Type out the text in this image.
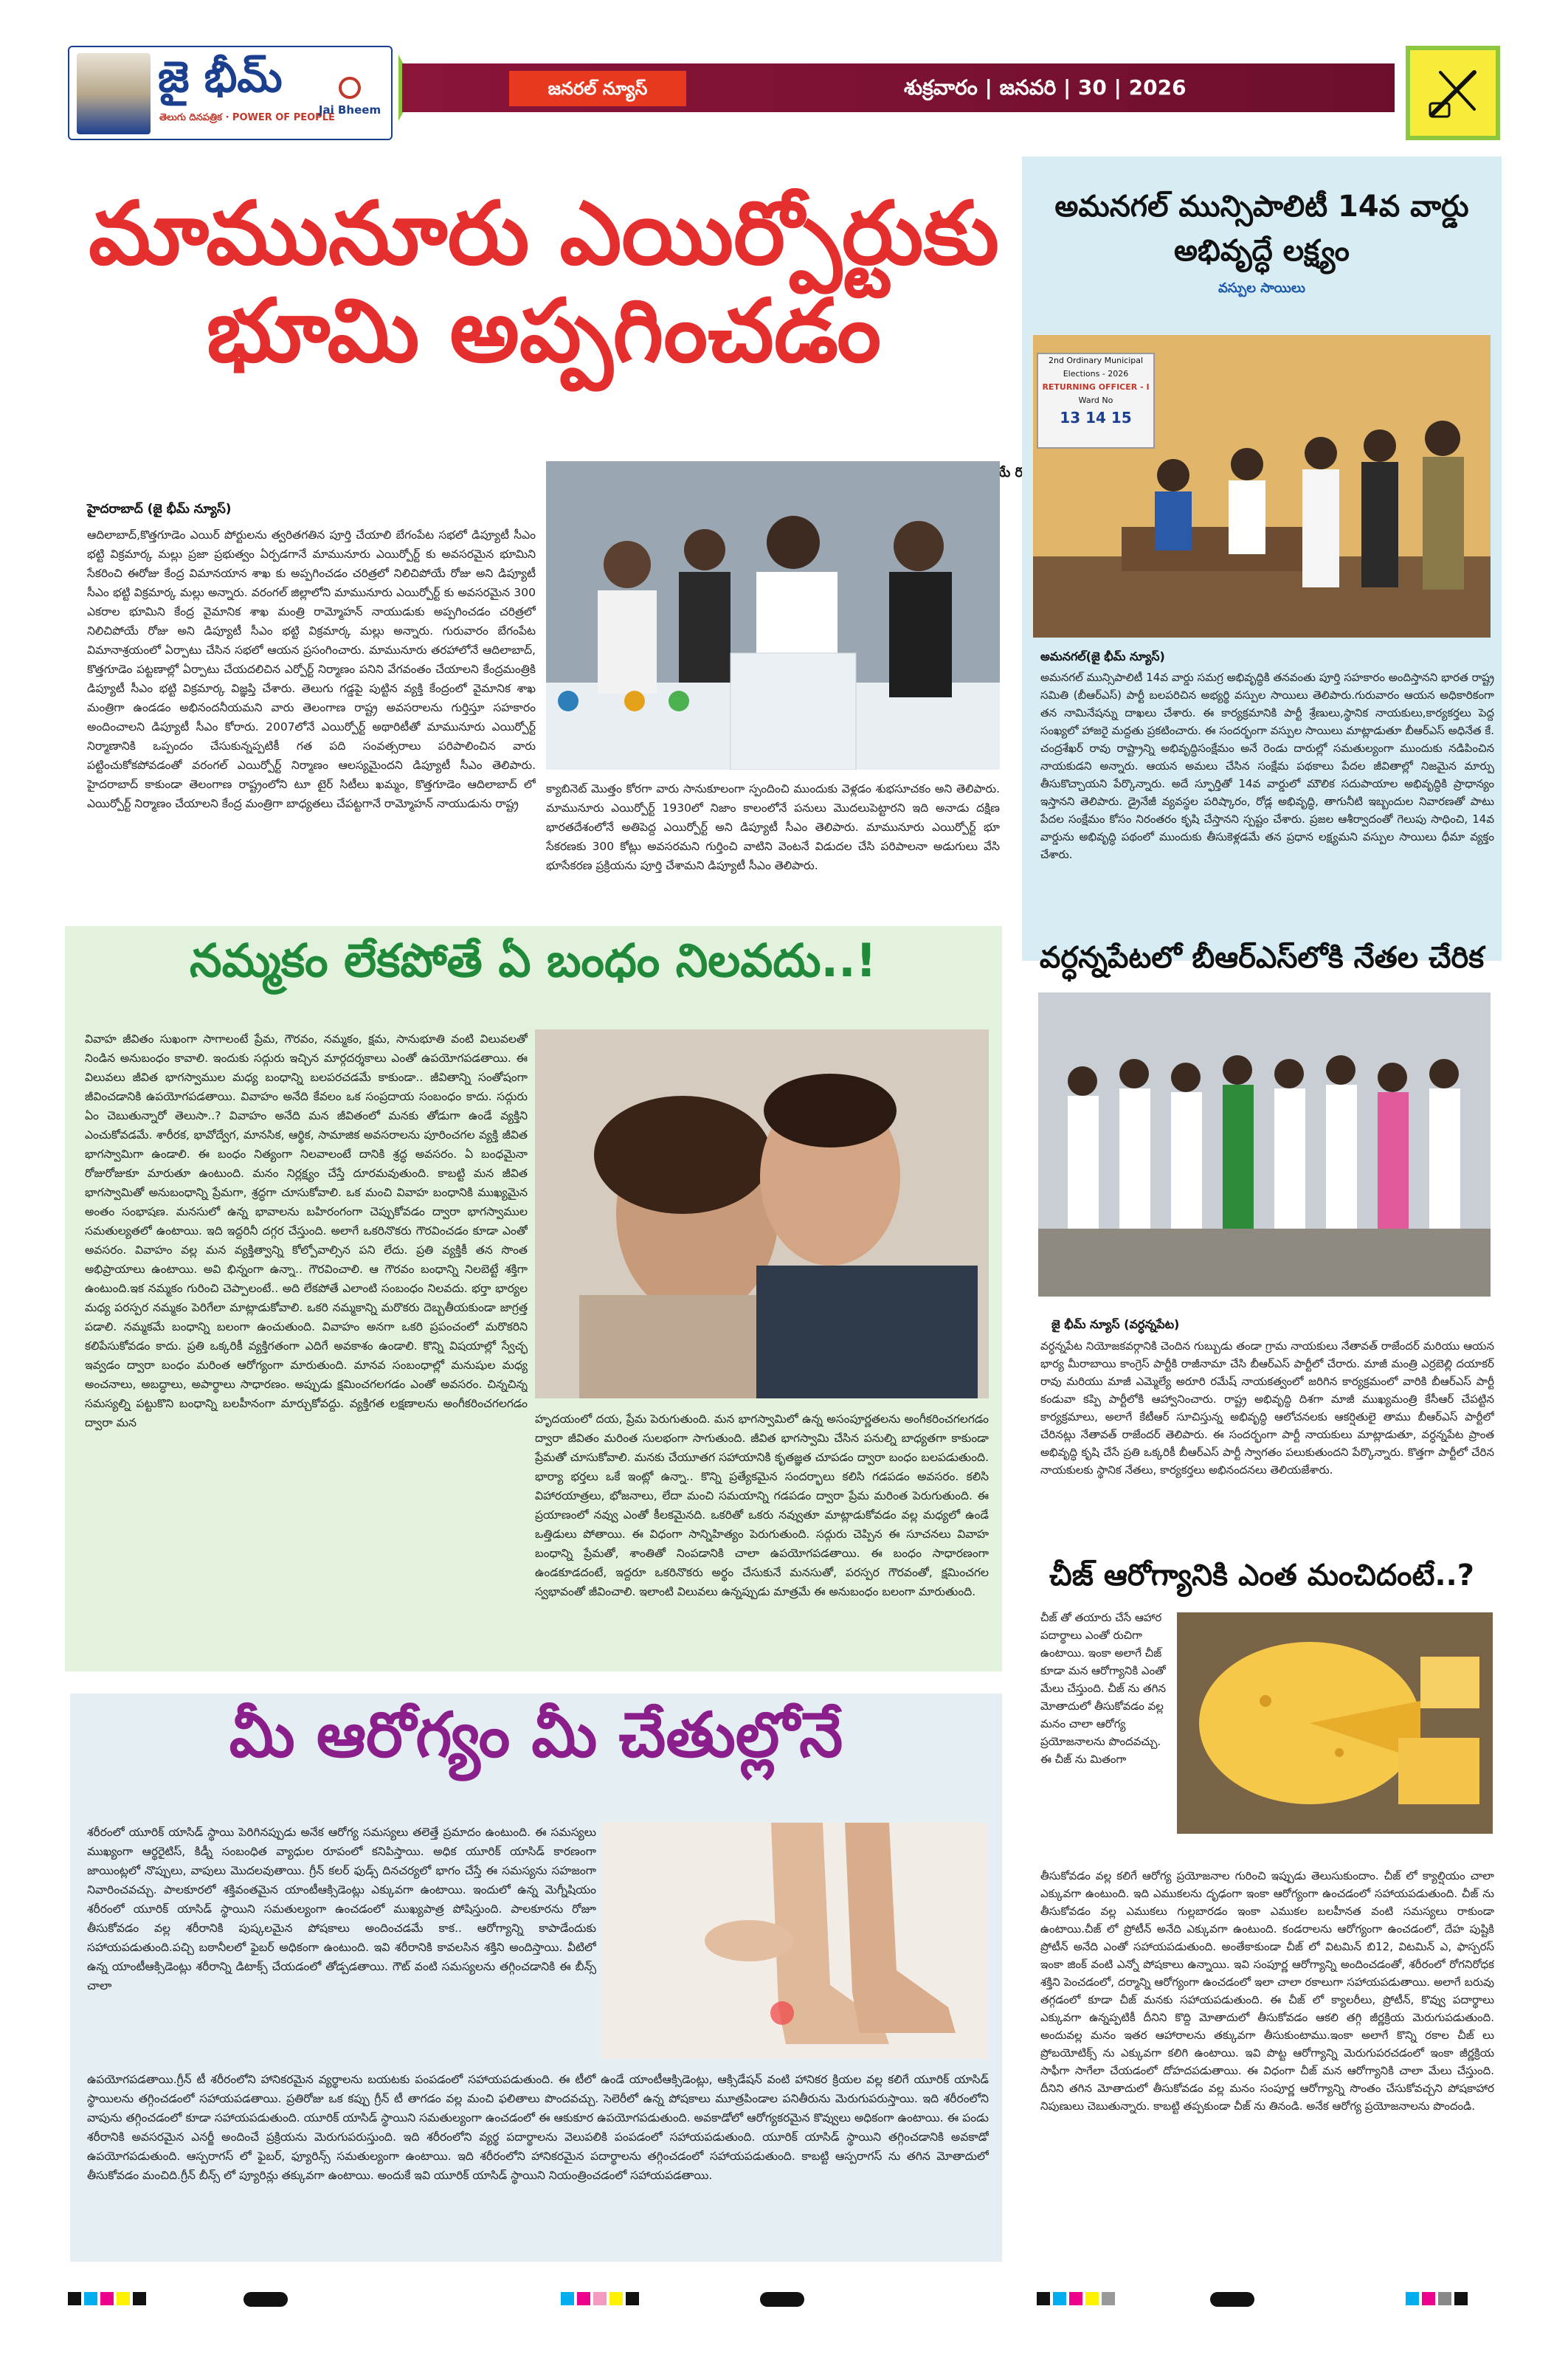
జై భీమ్
తెలుగు దినపత్రిక · POWER OF PEOPLE
Jai Bheem
జనరల్ న్యూస్	శుక్రవారం | జనవరి | 30 | 2026
మామునూరు ఎయిర్పోర్టుకు భూమి అప్పగించడం
హైదరాబాద్ (జై భీమ్ న్యూస్)
ఆదిలాబాద్,కొత్తగూడెం ఎయిర్ పోర్టులను త్వరితగతిన పూర్తి చేయాలి బేగంపేట సభలో డిప్యూటీ సీఎం భట్టి విక్రమార్క మల్లు ప్రజా ప్రభుత్వం ఏర్పడగానే మామునూరు ఎయిర్పోర్ట్ కు అవసరమైన భూమిని సేకరించి ఈరోజు కేంద్ర విమానయాన శాఖ కు అప్పగించడం చరిత్రలో నిలిచిపోయే రోజు అని డిప్యూటీ సీఎం భట్టి విక్రమార్క మల్లు అన్నారు. వరంగల్ జిల్లాలోని మామునూరు ఎయిర్పోర్ట్ కు అవసరమైన 300 ఎకరాల భూమిని కేంద్ర వైమానిక శాఖ మంత్రి రామ్మోహన్ నాయుడుకు అప్పగించడం చరిత్రలో నిలిచిపోయే రోజు అని డిప్యూటీ సీఎం భట్టి విక్రమార్క మల్లు అన్నారు. గురువారం బేగంపేట విమానాశ్రయంలో ఏర్పాటు చేసిన సభలో ఆయన ప్రసంగించారు. మామునూరు తరహాలోనే ఆదిలాబాద్, కొత్తగూడెం పట్టణాల్లో ఏర్పాటు చేయదలిచిన ఎర్పోర్ట్ నిర్మాణం పనిని వేగవంతం చేయాలని కేంద్రమంత్రికి డిప్యూటీ సీఎం భట్టి విక్రమార్క విజ్ఞప్తి చేశారు. తెలుగు గడ్డపై పుట్టిన వ్యక్తి కేంద్రంలో వైమానిక శాఖ మంత్రిగా ఉండడం అభినందనీయమని వారు తెలంగాణ రాష్ట్ర అవసరాలను గుర్తిస్తూ సహకారం అందించాలని డిప్యూటీ సీఎం కోరారు. 2007లోనే ఎయిర్పోర్ట్ అథారిటీతో మామునూరు ఎయిర్పోర్ట్ నిర్మాణానికి ఒప్పందం చేసుకున్నప్పటికీ గత పది సంవత్సరాలు పరిపాలించిన వారు పట్టించుకోకపోవడంతో వరంగల్ ఎయిర్పోర్ట్ నిర్మాణం ఆలస్యమైందని డిప్యూటీ సీఎం తెలిపారు. హైదరాబాద్ కాకుండా తెలంగాణ రాష్ట్రంలోని టూ టైర్ సిటీలు ఖమ్మం, కొత్తగూడెం ఆదిలాబాద్ లో ఎయిర్పోర్ట్ నిర్మాణం చేయాలని కేంద్ర మంత్రిగా బాధ్యతలు చేపట్టగానే రామ్మోహన్ నాయుడును రాష్ట్ర
క్యాబినెట్ మొత్తం కోరగా వారు సానుకూలంగా స్పందించి ముందుకు వెళ్లడం శుభసూచకం అని తెలిపారు. మామునూరు ఎయిర్పోర్ట్ 1930లో నిజాం కాలంలోనే పనులు మొదలుపెట్టారని ఇది అనాడు దక్షిణ భారతదేశంలోనే అతిపెద్ద ఎయిర్పోర్ట్ అని డిప్యూటీ సీఎం తెలిపారు. మామునూరు ఎయిర్పోర్ట్ భూ సేకరణకు 300 కోట్లు అవసరమని గుర్తించి వాటిని వెంటనే విడుదల చేసి పరిపాలనా అడుగులు వేసి భూసేకరణ ప్రక్రియను పూర్తి చేశామని డిప్యూటీ సీఎం తెలిపారు.
అమనగల్ మున్సిపాలిటీ 14వ వార్డు అభివృద్ధే లక్ష్యం
వస్పుల సాయిలు
2nd Ordinary Municipal Elections - 2026
RETURNING OFFICER - I
Ward No
13 14 15
అమనగల్(జై భీమ్ న్యూస్)
అమనగల్ మున్సిపాలిటీ 14వ వార్డు సమగ్ర అభివృద్ధికి తనవంతు పూర్తి సహకారం అందిస్తానని భారత రాష్ట్ర సమితి (బీఆర్ఎస్) పార్టీ బలపరిచిన అభ్యర్థి వస్పుల సాయిలు తెలిపారు.గురువారం ఆయన అధికారికంగా తన నామినేషన్ను దాఖలు చేశారు. ఈ కార్యక్రమానికి పార్టీ శ్రేణులు,స్థానిక నాయకులు,కార్యకర్తలు పెద్ద సంఖ్యలో హాజరై మద్దతు ప్రకటించారు. ఈ సందర్భంగా వస్పుల సాయిలు మాట్లాడుతూ బీఆర్ఎస్ అధినేత కే. చంద్రశేఖర్ రావు రాష్ట్రాన్ని అభివృద్ధిసంక్షేమం అనే రెండు దారుల్లో సమతుల్యంగా ముందుకు నడిపించిన నాయకుడని అన్నారు. ఆయన అమలు చేసిన సంక్షేమ పథకాలు పేదల జీవితాల్లో నిజమైన మార్పు తీసుకొచ్చాయని పేర్కొన్నారు. అదే స్ఫూర్తితో 14వ వార్డులో మౌలిక సదుపాయాల అభివృద్ధికి ప్రాధాన్యం ఇస్తానని తెలిపారు. డ్రైనేజీ వ్యవస్థల పరిష్కారం, రోడ్ల అభివృద్ధి, తాగునీటి ఇబ్బందుల నివారణతో పాటు పేదల సంక్షేమం కోసం నిరంతరం కృషి చేస్తానని స్పష్టం చేశారు. ప్రజల ఆశీర్వాదంతో గెలుపు సాధించి, 14వ వార్డును అభివృద్ధి పథంలో ముందుకు తీసుకెళ్లడమే తన ప్రధాన లక్ష్యమని వస్పుల సాయిలు ధీమా వ్యక్తం చేశారు.
వర్ధన్నపేటలో బీఆర్ఎస్‌లోకి నేతల చేరిక
జై భీమ్ న్యూస్ (వర్ధన్నపేట)
వర్ధన్నపేట నియోజకవర్గానికి చెందిన గుబ్బుడు తండా గ్రామ నాయకులు నేతావత్ రాజేందర్ మరియు ఆయన భార్య మీరాబాయి కాంగ్రెస్ పార్టీకి రాజీనామా చేసి బీఆర్ఎస్ పార్టీలో చేరారు. మాజీ మంత్రి ఎర్రబెల్లి దయాకర్ రావు మరియు మాజీ ఎమ్మెల్యే అరూరి రమేష్ నాయకత్వంలో జరిగిన కార్యక్రమంలో వారికి బీఆర్ఎస్ పార్టీ కండువా కప్పి పార్టీలోకి ఆహ్వానించారు. రాష్ట్ర అభివృద్ధి దిశగా మాజీ ముఖ్యమంత్రి కేసీఆర్ చేపట్టిన కార్యక్రమాలు, అలాగే కేటీఆర్ సూచిస్తున్న అభివృద్ధి ఆలోచనలకు ఆకర్షితులై తాము బీఆర్ఎస్ పార్టీలో చేరినట్లు నేతావత్ రాజేందర్ తెలిపారు. ఈ సందర్భంగా పార్టీ నాయకులు మాట్లాడుతూ, వర్ధన్నపేట ప్రాంత అభివృద్ధి కృషి చేసే ప్రతి ఒక్కరికీ బీఆర్ఎస్ పార్టీ స్వాగతం పలుకుతుందని పేర్కొన్నారు. కొత్తగా పార్టీలో చేరిన నాయకులకు స్థానిక నేతలు, కార్యకర్తలు అభినందనలు తెలియజేశారు.
చీజ్ ఆరోగ్యానికి ఎంత మంచిదంటే..?
చీజ్ తో తయారు చేసే ఆహార పదార్థాలు ఎంతో రుచిగా ఉంటాయి. ఇంకా అలాగే చీజ్ కూడా మన ఆరోగ్యానికి ఎంతో మేలు చేస్తుంది. చీజ్ ను తగిన మోతాదులో తీసుకోవడం వల్ల మనం చాలా ఆరోగ్య ప్రయోజనాలను పొందవచ్చు. ఈ చీజ్ ను మితంగా
తీసుకోవడం వల్ల కలిగే ఆరోగ్య ప్రయోజనాల గురించి ఇప్పుడు తెలుసుకుందాం. చీజ్ లో క్యాల్షియం చాలా ఎక్కువగా ఉంటుంది. ఇది ఎముకలను దృఢంగా ఇంకా ఆరోగ్యంగా ఉంచడంలో సహాయపడుతుంది. చీజ్ ను తీసుకోవడం వల్ల ఎముకలు గుల్లబారడం ఇంకా ఎముకల బలహీనత వంటి సమస్యలు రాకుండా ఉంటాయి.చీజ్ లో ప్రోటీన్ అనేది ఎక్కువగా ఉంటుంది. కండరాలను ఆరోగ్యంగా ఉంచడంలో, దేహ పుష్టికి ప్రోటీన్ అనేది ఎంతో సహాయపడుతుంది. అంతేకాకుండా చీజ్ లో విటమిన్ బి12, విటమిన్ ఎ, ఫాస్పరస్ ఇంకా జింక్ వంటి ఎన్నో పోషకాలు ఉన్నాయి. ఇవి సంపూర్ణ ఆరోగ్యాన్ని అందించడంతో, శరీరంలో రోగనిరోధక శక్తిని పెంచడంలో, దర్మాన్ని ఆరోగ్యంగా ఉంచడంలో ఇలా చాలా రకాలుగా సహాయపడుతాయి. అలాగే బరువు తగ్గడంలో కూడా చీజ్ మనకు సహాయపడుతుంది. ఈ చీజ్ లో క్యాలరీలు, ప్రోటీన్, కొవ్వు పదార్థాలు ఎక్కువగా ఉన్నప్పటికీ దీనిని కొద్ది మోతాదులో తీసుకోవడం ఆకలి తగ్గి జీర్ణక్రియ మెరుగుపడుతుంది. అందువల్ల మనం ఇతర ఆహారాలను తక్కువగా తీసుకుంటాము.ఇంకా అలాగే కొన్ని రకాల చీజ్ లు ప్రోబయోటిక్స్ ను ఎక్కువగా కలిగి ఉంటాయి. ఇవి పొట్ట ఆరోగ్యాన్ని మెరుగుపరచడంలో ఇంకా జీర్ణక్రియ సాఫీగా సాగేలా చేయడంలో దోహదపడుతాయి. ఈ విధంగా చీజ్ మన ఆరోగ్యానికి చాలా మేలు చేస్తుంది. దీనిని తగిన మోతాదులో తీసుకోవడం వల్ల మనం సంపూర్ణ ఆరోగ్యాన్ని సొంతం చేసుకోవచ్చని పోషకాహార నిపుణులు చెబుతున్నారు. కాబట్టి తప్పకుండా చీజ్ ను తినండి. అనేక ఆరోగ్య ప్రయోజనాలను పొందండి.
నమ్మకం లేకపోతే ఏ బంధం నిలవదు..!
వివాహ జీవితం సుఖంగా సాగాలంటే ప్రేమ, గౌరవం, నమ్మకం, క్షమ, సానుభూతి వంటి విలువలతో నిండిన అనుబంధం కావాలి. ఇందుకు సద్గురు ఇచ్చిన మార్గదర్శకాలు ఎంతో ఉపయోగపడతాయి. ఈ విలువలు జీవిత భాగస్వాముల మధ్య బంధాన్ని బలపరచడమే కాకుండా.. జీవితాన్ని సంతోషంగా జీవించడానికి ఉపయోగపడతాయి. వివాహం అనేది కేవలం ఒక సంప్రదాయ సంబంధం కాదు. సద్గురు ఏం చెబుతున్నారో తెలుసా..? వివాహం అనేది మన జీవితంలో మనకు తోడుగా ఉండే వ్యక్తిని ఎంచుకోవడమే. శారీరక, భావోద్వేగ, మానసిక, ఆర్థిక, సామాజిక అవసరాలను పూరించగల వ్యక్తి జీవిత భాగస్వామిగా ఉండాలి. ఈ బంధం నిత్యంగా నిలవాలంటే దానికి శ్రద్ధ అవసరం. ఏ బంధమైనా రోజురోజుకూ మారుతూ ఉంటుంది. మనం నిర్లక్ష్యం చేస్తే దూరమవుతుంది. కాబట్టి మన జీవిత భాగస్వామితో అనుబంధాన్ని ప్రేమగా, శ్రద్ధగా చూసుకోవాలి. ఒక మంచి వివాహ బంధానికి ముఖ్యమైన అంతం సంభాషణ. మనసులో ఉన్న భావాలను బహిరంగంగా చెప్పుకోవడం ద్వారా భాగస్వాముల సమతుల్యతలో ఉంటాయి. ఇది ఇద్దరినీ దగ్గర చేస్తుంది. అలాగే ఒకరినొకరు గౌరవించడం కూడా ఎంతో అవసరం. వివాహం వల్ల మన వ్యక్తిత్వాన్ని కోల్పోవాల్సిన పని లేదు. ప్రతి వ్యక్తికీ తన సొంత అభిప్రాయాలు ఉంటాయి. అవి భిన్నంగా ఉన్నా.. గౌరవించాలి. ఆ గౌరవం బంధాన్ని నిలబెట్టే శక్తిగా ఉంటుంది.ఇక నమ్మకం గురించి చెప్పాలంటే.. అది లేకపోతే ఎలాంటి సంబంధం నిలవదు. భర్తా భార్యల మధ్య పరస్పర నమ్మకం పెరిగేలా మాట్లాడుకోవాలి. ఒకరి నమ్మకాన్ని మరొకరు దెబ్బతీయకుండా జాగ్రత్త పడాలి. నమ్మకమే బంధాన్ని బలంగా ఉంచుతుంది. వివాహం అనగా ఒకరి ప్రపంచంలో మరొకరిని కలిపేసుకోవడం కాదు. ప్రతి ఒక్కరికీ వ్యక్తిగతంగా ఎదిగే అవకాశం ఉండాలి. కొన్ని విషయాల్లో స్వేచ్ఛ ఇవ్వడం ద్వారా బంధం మరింత ఆరోగ్యంగా మారుతుంది. మానవ సంబంధాల్లో మనుషుల మధ్య అంచనాలు, అబద్ధాలు, అపార్థాలు సాధారణం. అప్పుడు క్షమించగలగడం ఎంతో అవసరం. చిన్నచిన్న సమస్యల్ని పట్టుకొని బంధాన్ని బలహీనంగా మార్చుకోవద్దు. వ్యక్తిగత లక్షణాలను అంగీకరించగలగడం ద్వారా మన	హృదయంలో దయ, ప్రేమ పెరుగుతుంది. మన భాగస్వామిలో ఉన్న అసంపూర్ణతలను అంగీకరించగలగడం ద్వారా జీవితం మరింత సులభంగా సాగుతుంది. జీవిత భాగస్వామి చేసిన పనుల్ని బాధ్యతగా కాకుండా ప్రేమతో చూసుకోవాలి. మనకు చేయూతగ సహాయానికి కృతజ్ఞత చూపడం ద్వారా బంధం బలపడుతుంది. భార్యా భర్తలు ఒకే ఇంట్లో ఉన్నా.. కొన్ని ప్రత్యేకమైన సందర్భాలు కలిసి గడపడం అవసరం. కలిసి విహారయాత్రలు, భోజనాలు, లేదా మంచి సమయాన్ని గడపడం ద్వారా ప్రేమ మరింత పెరుగుతుంది. ఈ ప్రయాణంలో నవ్వు ఎంతో కీలకమైనది. ఒకరితో ఒకరు నవ్వుతూ మాట్లాడుకోవడం వల్ల మధ్యలో ఉండే ఒత్తిడులు పోతాయి. ఈ విధంగా సాన్నిహిత్యం పెరుగుతుంది. సద్గురు చెప్పిన ఈ సూచనలు వివాహ బంధాన్ని ప్రేమతో, శాంతితో నింపడానికి చాలా ఉపయోగపడతాయి. ఈ బంధం సాధారణంగా ఉండకూడదంటే, ఇద్దరూ ఒకరినొకరు అర్థం చేసుకునే మనసుతో, పరస్పర గౌరవంతో, క్షమించగల స్వభావంతో జీవించాలి. ఇలాంటి విలువలు ఉన్నప్పుడు మాత్రమే ఈ అనుబంధం బలంగా మారుతుంది.
మీ ఆరోగ్యం మీ చేతుల్లోనే
శరీరంలో యూరిక్ యాసిడ్ స్థాయి పెరిగినప్పుడు అనేక ఆరోగ్య సమస్యలు తలెత్తే ప్రమాదం ఉంటుంది. ఈ సమస్యలు ముఖ్యంగా ఆర్థరైటిస్, కిడ్నీ సంబంధిత వ్యాధుల రూపంలో కనిపిస్తాయి. అధిక యూరిక్ యాసిడ్ కారణంగా జాయింట్లలో నొప్పులు, వాపులు మొదలవుతాయి. గ్రీన్ కలర్ ఫుడ్స్ దినచర్యలో భాగం చేస్తే ఈ సమస్యను సహజంగా నివారించవచ్చు. పాలకూరలో శక్తివంతమైన యాంటీఆక్సిడెంట్లు ఎక్కువగా ఉంటాయి. ఇందులో ఉన్న మెగ్నీషియం శరీరంలో యూరిక్ యాసిడ్ స్థాయిని సమతుల్యంగా ఉంచడంలో ముఖ్యపాత్ర పోషిస్తుంది. పాలకూరను రోజూ తీసుకోవడం వల్ల శరీరానికి పుష్కలమైన పోషకాలు అందించడమే కాక.. ఆరోగ్యాన్ని కాపాడేందుకు సహాయపడుతుంది.పచ్చి బఠానీలలో ఫైబర్ అధికంగా ఉంటుంది. ఇవి శరీరానికి కావలసిన శక్తిని అందిస్తాయి. వీటిలో ఉన్న యాంటీఆక్సిడెంట్లు శరీరాన్ని డిటాక్స్ చేయడంలో తోడ్పడతాయి. గౌట్ వంటి సమస్యలను తగ్గించడానికి ఈ బీన్స్ చాలా
ఉపయోగపడతాయి.గ్రీన్ టీ శరీరంలోని హానికరమైన వ్యర్థాలను బయటకు పంపడంలో సహాయపడుతుంది. ఈ టీలో ఉండే యాంటీఆక్సిడెంట్లు, ఆక్సిడేషన్ వంటి హానికర క్రియల వల్ల కలిగే యూరిక్ యాసిడ్ స్థాయిలను తగ్గించడంలో సహాయపడతాయి. ప్రతిరోజు ఒక కప్పు గ్రీన్ టీ తాగడం వల్ల మంచి ఫలితాలు పొందవచ్చు. సెలెరీలో ఉన్న పోషకాలు మూత్రపిండాల పనితీరును మెరుగుపరుస్తాయి. ఇది శరీరంలోని వాపును తగ్గించడంలో కూడా సహాయపడుతుంది. యూరిక్ యాసిడ్ స్థాయిని సమతుల్యంగా ఉంచడంలో ఈ ఆకుకూర ఉపయోగపడుతుంది. అవకాడోలో ఆరోగ్యకరమైన కొవ్వులు అధికంగా ఉంటాయి. ఈ పండు శరీరానికి అవసరమైన ఎనర్జీ అందించే ప్రక్రియను మెరుగుపరుస్తుంది. ఇది శరీరంలోని వ్యర్థ పదార్థాలను వెలుపలికి పంపడంలో సహాయపడుతుంది. యూరిక్ యాసిడ్ స్థాయిని తగ్గించడానికి అవకాడో ఉపయోగపడుతుంది. ఆస్పరాగస్ లో ఫైబర్, ఫ్యూరిన్స్ సమతుల్యంగా ఉంటాయి. ఇది శరీరంలోని హానికరమైన పదార్థాలను తగ్గించడంలో సహాయపడుతుంది. కాబట్టి ఆస్పరాగస్ ను తగిన మోతాదులో తీసుకోవడం మంచిది.గ్రీన్ బీన్స్ లో ప్యూరిన్లు తక్కువగా ఉంటాయి. అందుకే ఇవి యూరిక్ యాసిడ్ స్థాయిని నియంత్రించడంలో సహాయపడతాయి.
